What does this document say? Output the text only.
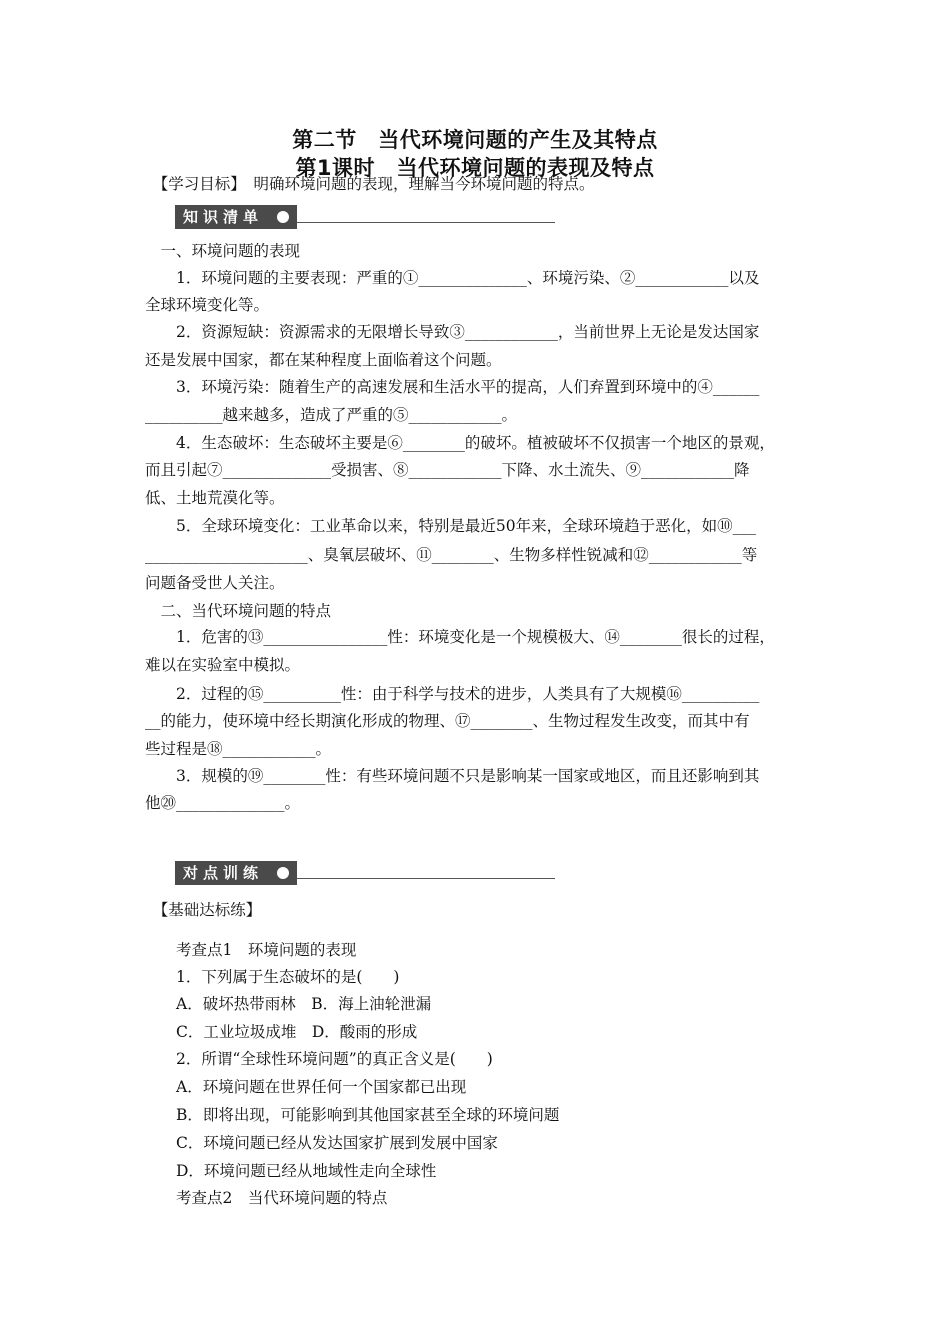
第二节　当代环境问题的产生及其特点
第1课时　当代环境问题的表现及特点
知识清单
对点训练
　【学习目标】　明确环境问题的表现，理解当今环境问题的特点。
　一、环境问题的表现
　　1．环境问题的主要表现：严重的①______________、环境污染、②____________以及
全球环境变化等。
　　2．资源短缺：资源需求的无限增长导致③____________，当前世界上无论是发达国家
还是发展中国家，都在某种程度上面临着这个问题。
　　3．环境污染：随着生产的高速发展和生活水平的提高，人们弃置到环境中的④______
__________越来越多，造成了严重的⑤____________。
　　4．生态破坏：生态破坏主要是⑥________的破坏。植被破坏不仅损害一个地区的景观，
而且引起⑦______________受损害、⑧____________下降、水土流失、⑨____________降
低、土地荒漠化等。
　　5．全球环境变化：工业革命以来，特别是最近50年来，全球环境趋于恶化，如⑩___
_____________________、臭氧层破坏、⑪________、生物多样性锐减和⑫____________等
问题备受世人关注。
　二、当代环境问题的特点
　　1．危害的⑬________________性：环境变化是一个规模极大、⑭________很长的过程，
难以在实验室中模拟。
　　2．过程的⑮__________性：由于科学与技术的进步，人类具有了大规模⑯__________
__的能力，使环境中经长期演化形成的物理、⑰________、生物过程发生改变，而其中有
些过程是⑱____________。
　　3．规模的⑲________性：有些环境问题不只是影响某一国家或地区，而且还影响到其
他⑳______________。
　【基础达标练】
　　考查点1　环境问题的表现
　　1．下列属于生态破坏的是(　　)
　　A．破坏热带雨林　B．海上油轮泄漏
　　C．工业垃圾成堆　D．酸雨的形成
　　2．所谓“全球性环境问题”的真正含义是(　　)
　　A．环境问题在世界任何一个国家都已出现
　　B．即将出现，可能影响到其他国家甚至全球的环境问题
　　C．环境问题已经从发达国家扩展到发展中国家
　　D．环境问题已经从地域性走向全球性
　　考查点2　当代环境问题的特点
